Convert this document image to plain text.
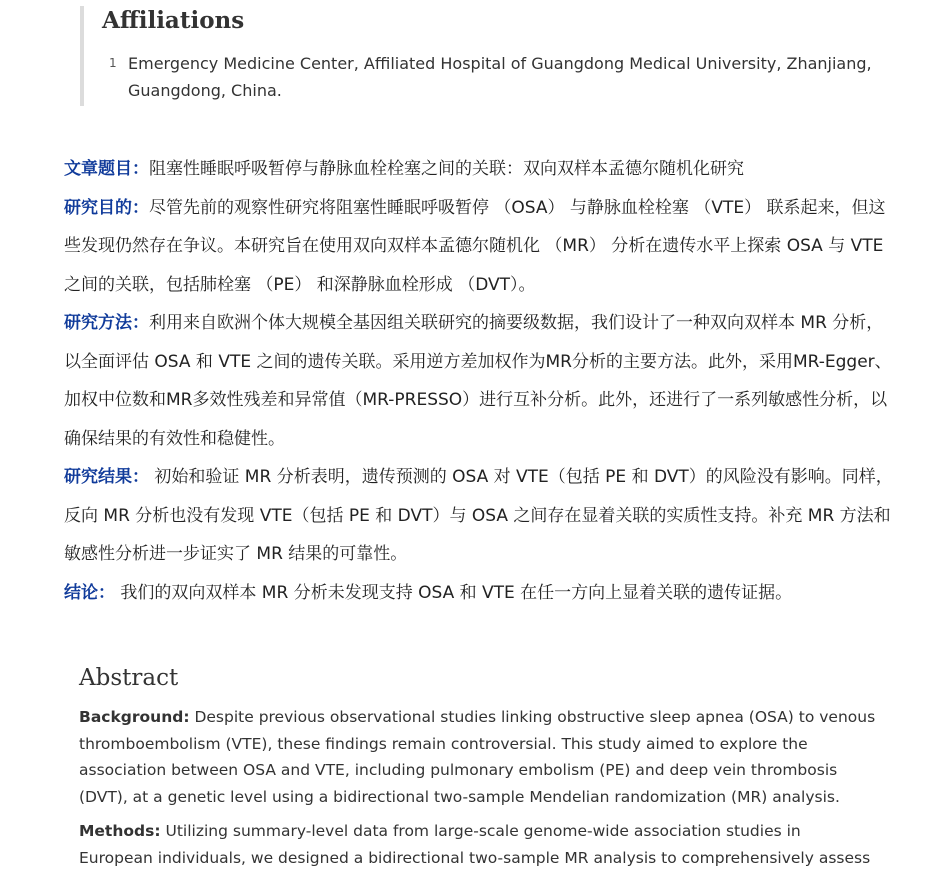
Affiliations
1 Emergency Medicine Center, Affiliated Hospital of Guangdong Medical University, Zhanjiang, Guangdong, China.

文章题目：阻塞性睡眠呼吸暂停与静脉血栓栓塞之间的关联：双向双样本孟德尔随机化研究

研究目的：尽管先前的观察性研究将阻塞性睡眠呼吸暂停 （OSA） 与静脉血栓栓塞 （VTE） 联系起来，但这些发现仍然存在争议。本研究旨在使用双向双样本孟德尔随机化 （MR） 分析在遗传水平上探索 OSA 与 VTE 之间的关联，包括肺栓塞 （PE） 和深静脉血栓形成 （DVT）。

研究方法：利用来自欧洲个体大规模全基因组关联研究的摘要级数据，我们设计了一种双向双样本 MR 分析，以全面评估 OSA 和 VTE 之间的遗传关联。采用逆方差加权作为MR分析的主要方法。此外，采用MR-Egger、加权中位数和MR多效性残差和异常值（MR-PRESSO）进行互补分析。此外，还进行了一系列敏感性分析，以确保结果的有效性和稳健性。

研究结果： 初始和验证 MR 分析表明，遗传预测的 OSA 对 VTE（包括 PE 和 DVT）的风险没有影响。同样，反向 MR 分析也没有发现 VTE（包括 PE 和 DVT）与 OSA 之间存在显着关联的实质性支持。补充 MR 方法和敏感性分析进一步证实了 MR 结果的可靠性。

结论： 我们的双向双样本 MR 分析未发现支持 OSA 和 VTE 在任一方向上显着关联的遗传证据。

Abstract

Background: Despite previous observational studies linking obstructive sleep apnea (OSA) to venous thromboembolism (VTE), these findings remain controversial. This study aimed to explore the association between OSA and VTE, including pulmonary embolism (PE) and deep vein thrombosis (DVT), at a genetic level using a bidirectional two-sample Mendelian randomization (MR) analysis.

Methods: Utilizing summary-level data from large-scale genome-wide association studies in European individuals, we designed a bidirectional two-sample MR analysis to comprehensively assess
